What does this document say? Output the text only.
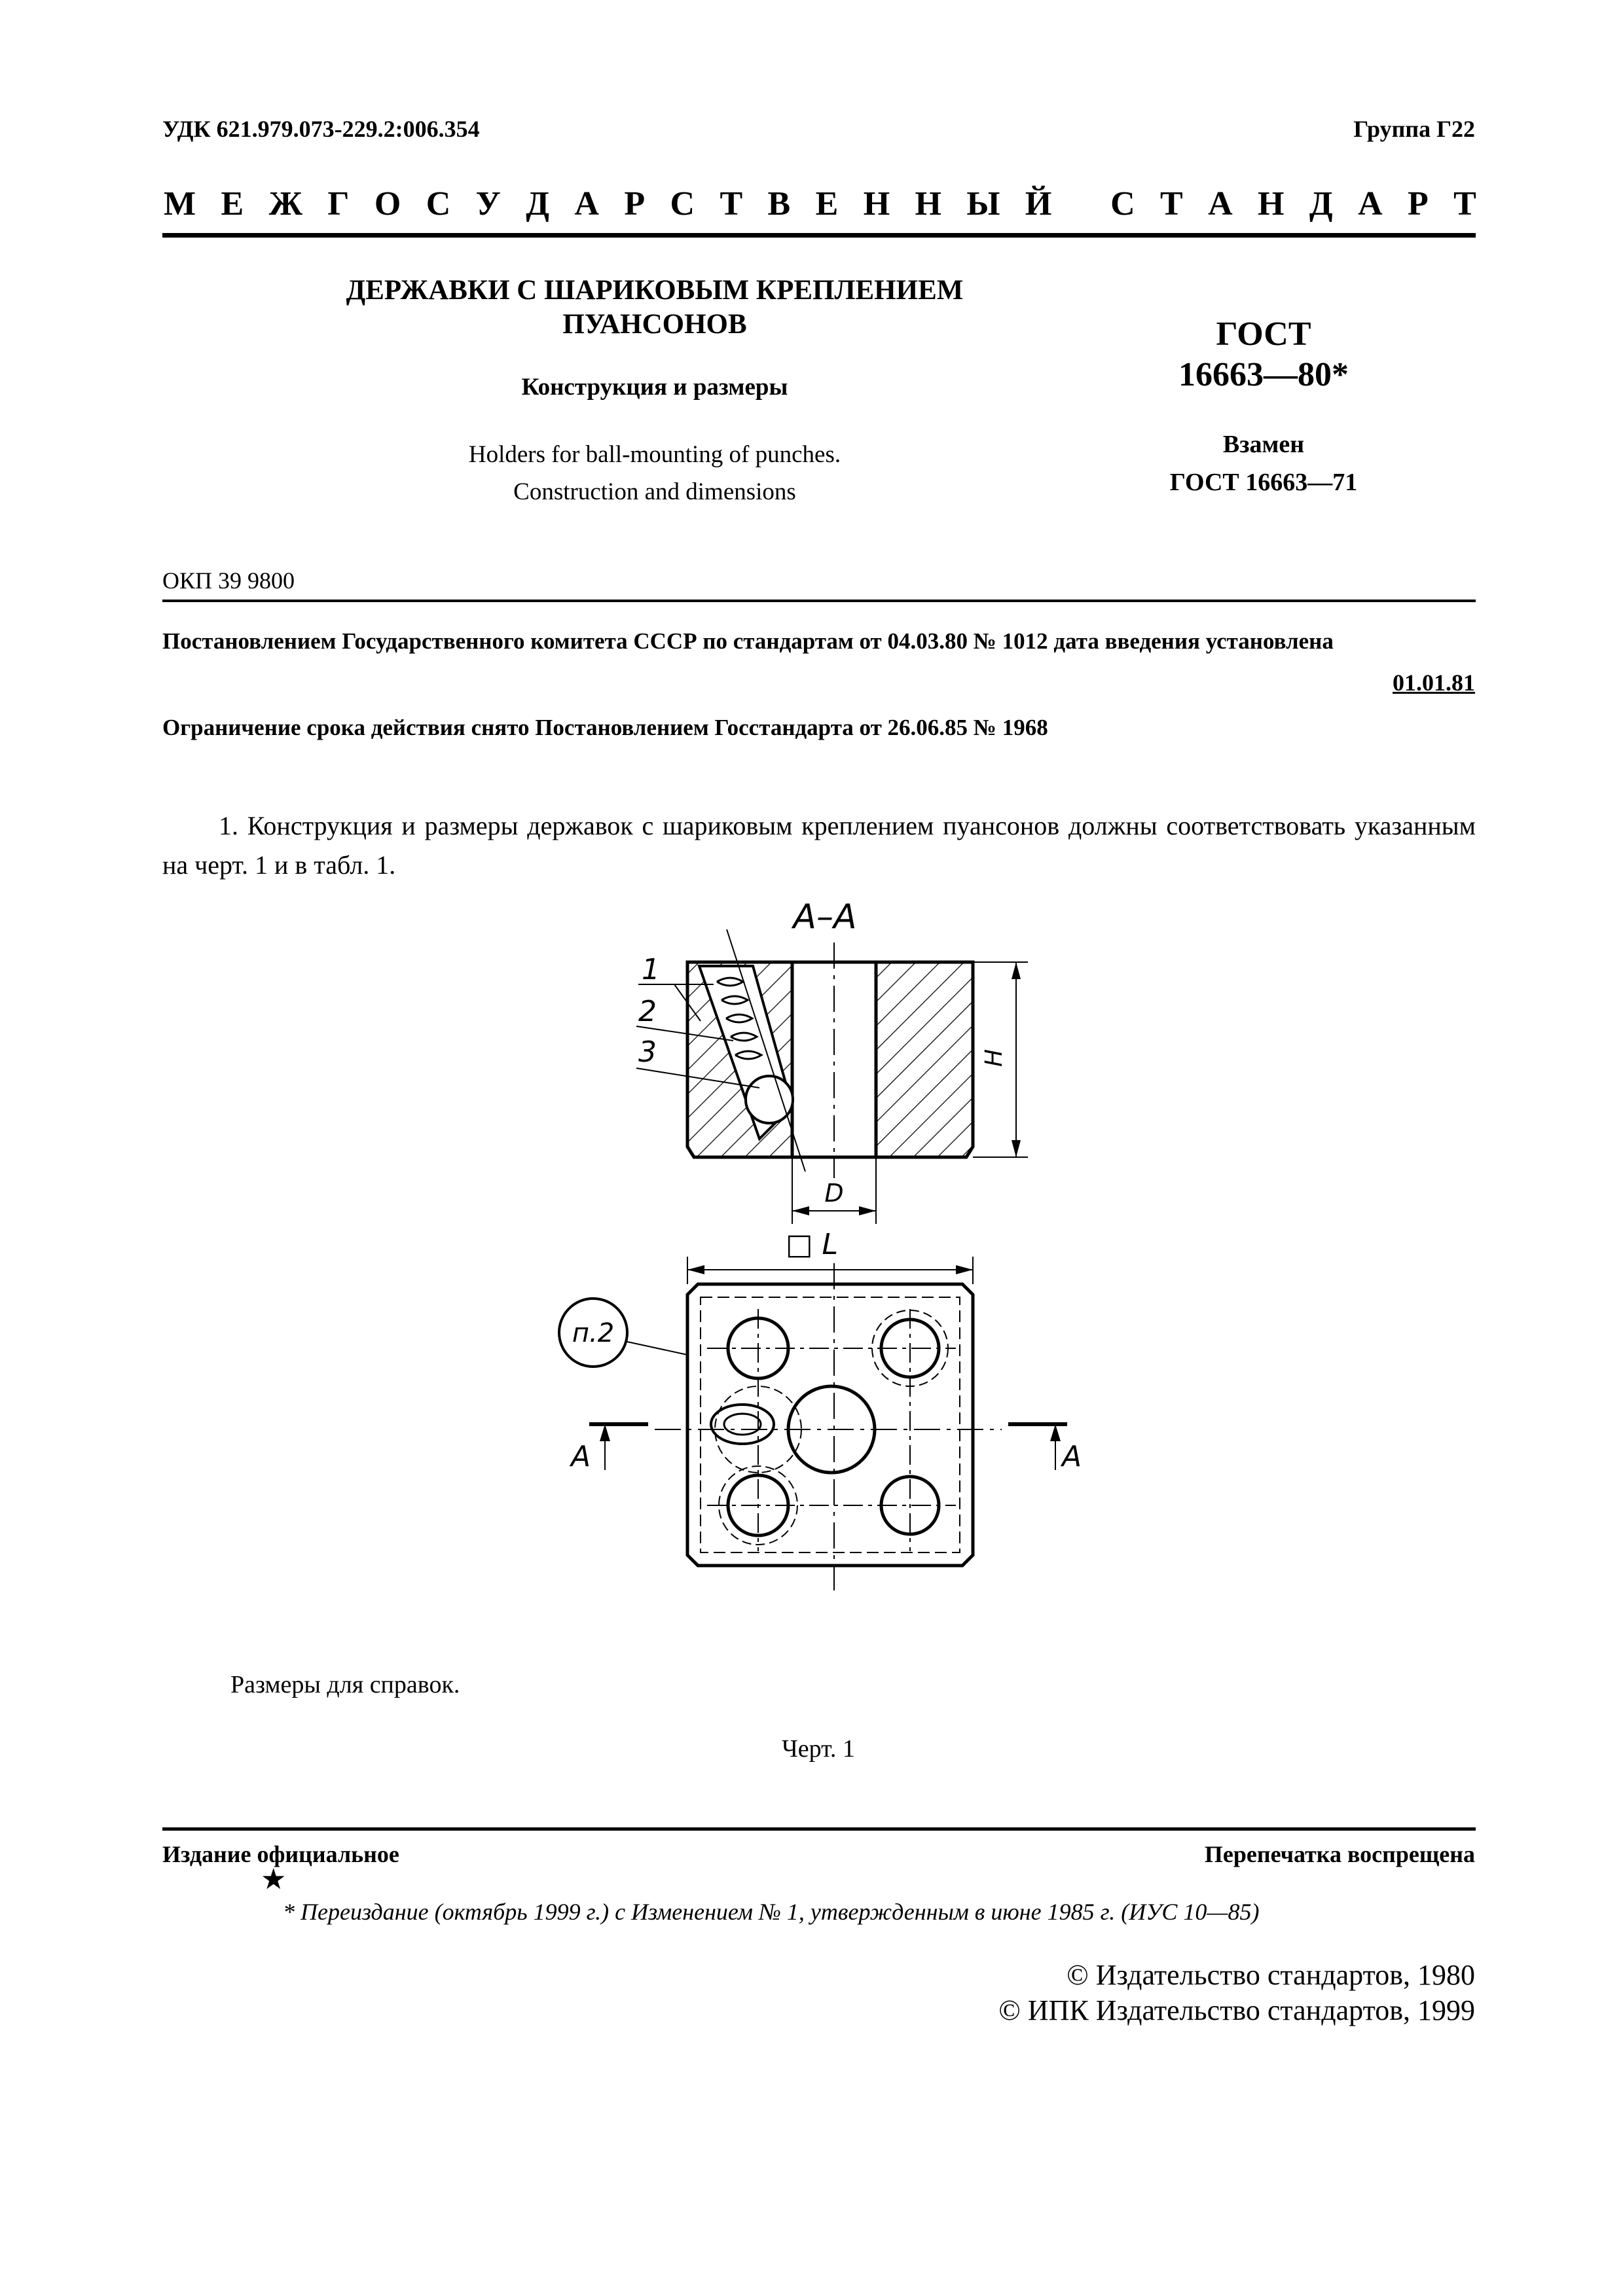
УДК 621.979.073-229.2:006.354	Группа Г22
М Е Ж Г О С У Д А Р С Т В Е Н Н Ы Й
С Т А Н Д А Р Т
ДЕРЖАВКИ С ШАРИКОВЫМ КРЕПЛЕНИЕМ
ПУАНСОНОВ
Конструкция и размеры
Holders for ball-mounting of punches.
Construction and dimensions
ГОСТ
16663—80*
Взамен
ГОСТ 16663—71
ОКП 39 9800
Постановлением Государственного комитета СССР по стандартам от 04.03.80 № 1012 дата введения установлена
01.01.81
Ограничение срока действия снято Постановлением Госстандарта от 26.06.85 № 1968
1. Конструкция и размеры державок с шариковым креплением пуансонов должны соответствовать указанным на черт. 1 и в табл. 1.
А–А
1
2
3	Н
D
□ L
п.2
А	А
Размеры для справок.
Черт. 1
Издание официальное	Перепечатка воспрещена
★
* Переиздание (октябрь 1999 г.) с Изменением № 1, утвержденным в июне 1985 г. (ИУС 10—85)
© Издательство стандартов, 1980
© ИПК Издательство стандартов, 1999
